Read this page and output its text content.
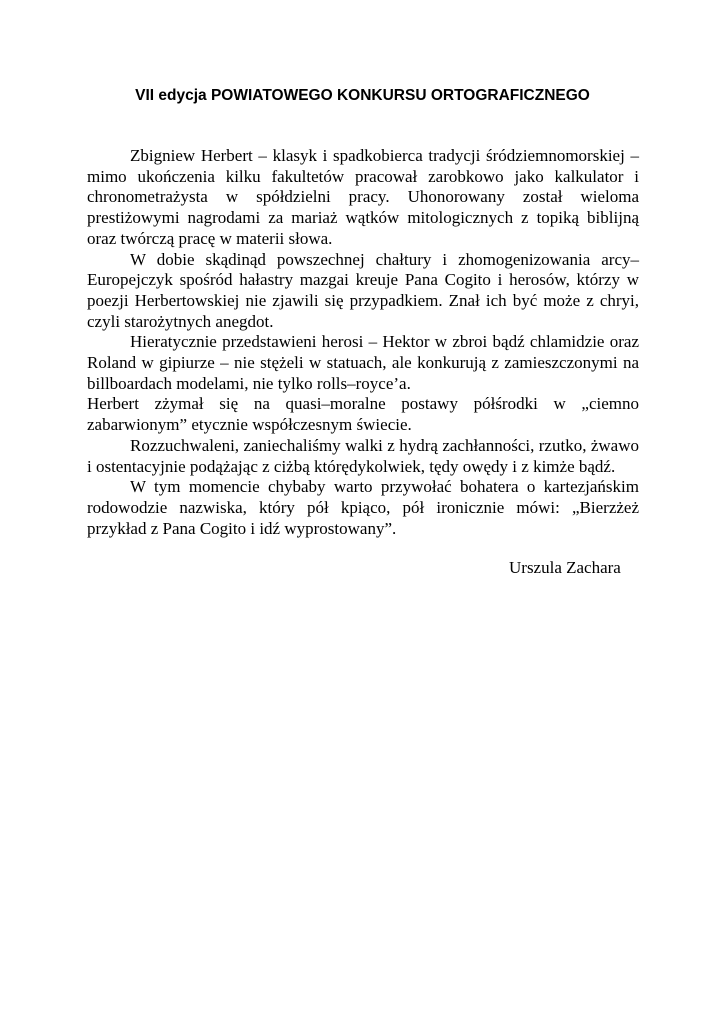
VII edycja POWIATOWEGO KONKURSU ORTOGRAFICZNEGO

Zbigniew Herbert – klasyk i spadkobierca tradycji śródziemnomorskiej – mimo ukończenia kilku fakultetów pracował zarobkowo jako kalkulator i chronometrażysta w spółdzielni pracy. Uhonorowany został wieloma prestiżowymi nagrodami za mariaż wątków mitologicznych z topiką biblijną oraz twórczą pracę w materii słowa.

W dobie skądinąd powszechnej chałtury i zhomogenizowania arcy–Europejczyk spośród hałastry mazgai kreuje Pana Cogito i herosów, którzy w poezji Herbertowskiej nie zjawili się przypadkiem. Znał ich być może z chryi, czyli starożytnych anegdot.

Hieratycznie przedstawieni herosi – Hektor w zbroi bądź chlamidzie oraz Roland w gipiurze – nie stężeli w statuach, ale konkurują z zamieszczonymi na billboardach modelami, nie tylko rolls–royce’a.

Herbert zżymał się na quasi–moralne postawy półśrodki w „ciemno zabarwionym” etycznie współczesnym świecie.

Rozzuchwaleni, zaniechaliśmy walki z hydrą zachłanności, rzutko, żwawo i ostentacyjnie podążając z ciżbą którędykolwiek, tędy owędy i z kimże bądź.

W tym momencie chybaby warto przywołać bohatera o kartezjańskim rodowodzie nazwiska, który pół kpiąco, pół ironicznie mówi: „Bierzżeż przykład z Pana Cogito i idź wyprostowany”.

Urszula Zachara
